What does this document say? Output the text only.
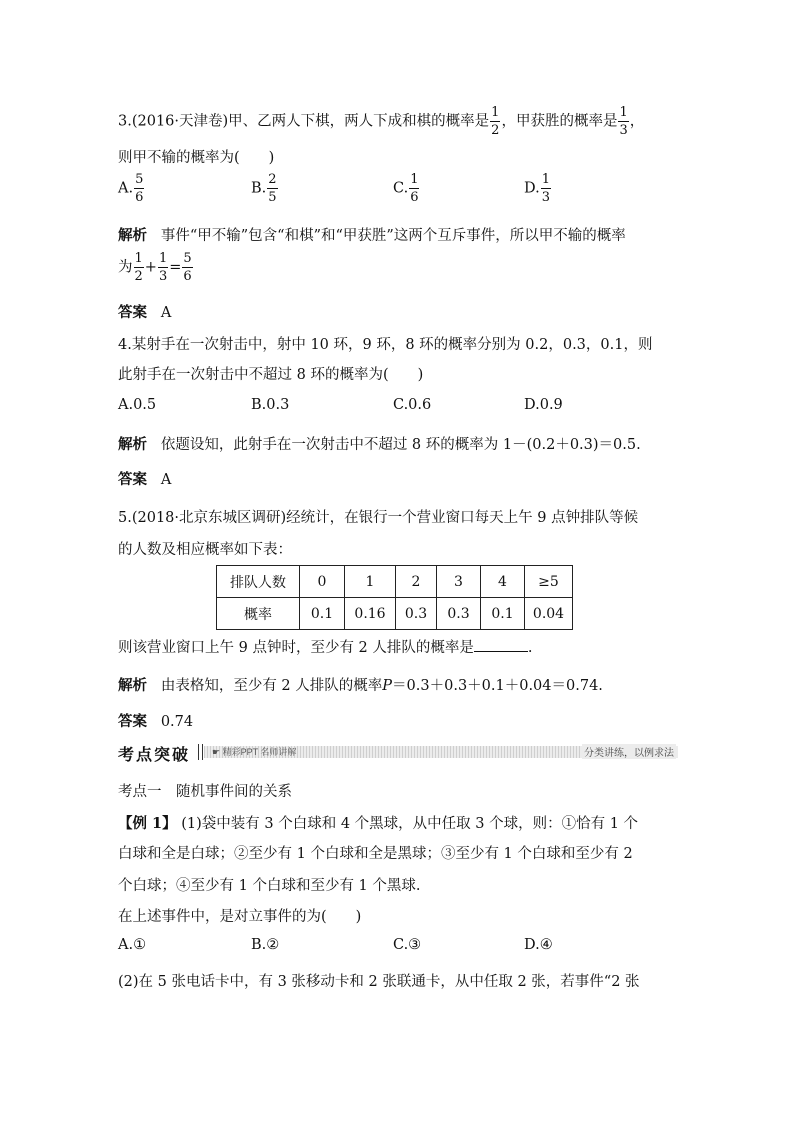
3.(2016·天津卷)甲、乙两人下棋，两人下成和棋的概率是 $\frac{1}{2}$ ，甲获胜的概率是 $\frac{1}{3}$ ，
则甲不输的概率为(　　)
A. $\frac{5}{6}$	B. $\frac{2}{5}$	C. $\frac{1}{6}$	D. $\frac{1}{3}$
解析 事件“甲不输”包含“和棋”和“甲获胜”这两个互斥事件，所以甲不输的概率
为 $\frac{1}{2} + \frac{1}{3} = \frac{5}{6}$
答案 A
4.某射手在一次射击中，射中 10 环，9 环，8 环的概率分别为 0.2，0.3，0.1，则
此射手在一次射击中不超过 8 环的概率为(　　)
A.0.5	B.0.3	C.0.6	D.0.9
解析 依题设知，此射手在一次射击中不超过 8 环的概率为 1－(0.2＋0.3)＝0.5.
答案 A
5.(2018·北京东城区调研)经统计，在银行一个营业窗口每天上午 9 点钟排队等候
的人数及相应概率如下表：
排队人数	0	1	2	3	4	≥5
概率	0.1	0.16	0.3	0.3	0.1	0.04
则该营业窗口上午 9 点钟时，至少有 2 人排队的概率是	.
解析 由表格知，至少有 2 人排队的概率P＝0.3＋0.3＋0.1＋0.04＝0.74.
答案 0.74
考点突破 ☛ 精彩PPT 名师讲解	分类讲练，以例求法
考点一　随机事件间的关系
【例 1】 (1)袋中装有 3 个白球和 4 个黑球，从中任取 3 个球，则：①恰有 1 个
白球和全是白球；②至少有 1 个白球和全是黑球；③至少有 1 个白球和至少有 2
个白球；④至少有 1 个白球和至少有 1 个黑球.
在上述事件中，是对立事件的为(　　)
A.①	B.②	C.③	D.④
(2)在 5 张电话卡中，有 3 张移动卡和 2 张联通卡，从中任取 2 张，若事件“2 张
